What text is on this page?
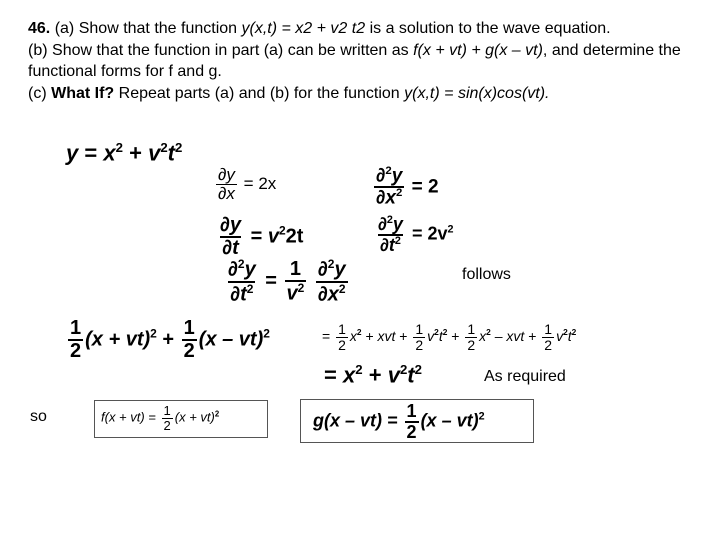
46. (a) Show that the function y(x,t) = x2 + v2 t2 is a solution to the wave equation.
(b) Show that the function in part (a) can be written as f(x + vt) + g(x – vt), and determine the functional forms for f and g.
(c) What If? Repeat parts (a) and (b) for the function y(x,t) = sin(x)cos(vt).
$y = x^2 + v^2t^2$
$\frac{\partial y}{\partial x} = 2x$	$\frac{\partial^2y}{\partial x^2} = 2$
$\frac{\partial y}{\partial t} = v^22t$	$\frac{\partial^2y}{\partial t^2} = 2v^2$
$\frac{\partial^2y}{\partial t^2} = \frac{1}{v^2}$
$\frac{\partial^2y}{\partial x^2}$	follows
$\frac{1}{2} (x + vt)^2 + \frac{1}{2} (x - vt)^2$	= $\frac{1}{2} x^2$ + xvt + $\frac{1}{2} v^2t^2 + \frac{1}{2} x^2$ – xvt + $\frac{1}{2} v^2t^2$
= $x^2 + v^2t^2$	As required
so	$f(x + vt) = \frac{1}{2} (x + vt)^2$	$g(x - vt) = \frac{1}{2} (x - vt)^2$
